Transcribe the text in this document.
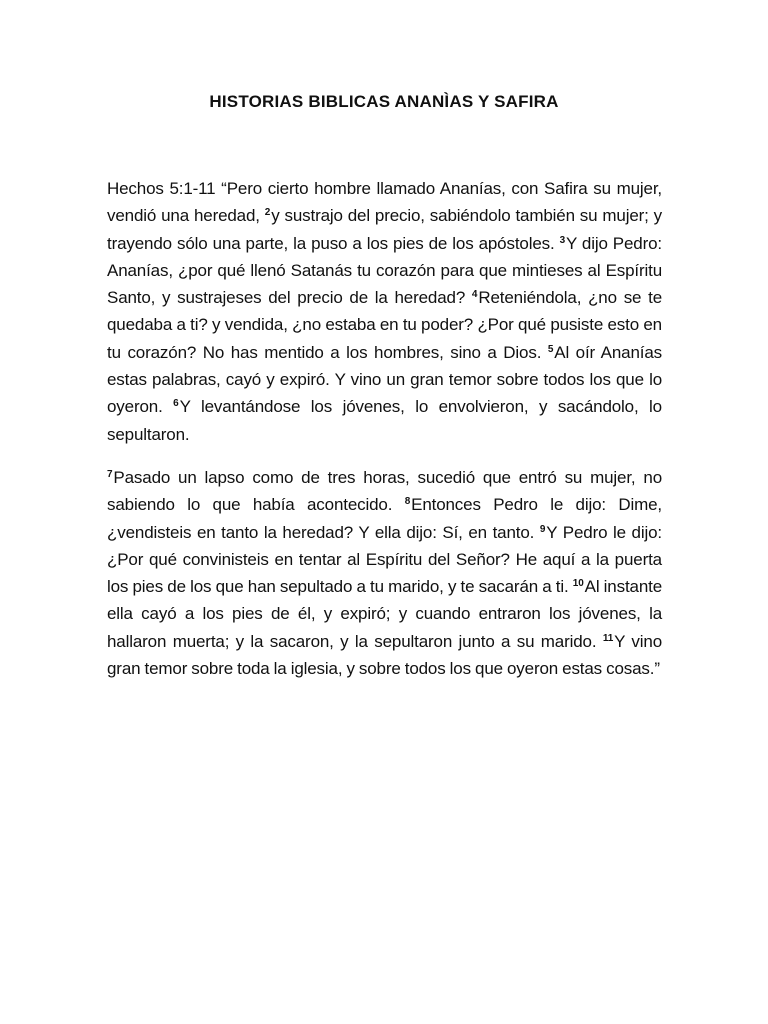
HISTORIAS BIBLICAS ANANÌAS Y SAFIRA

Hechos 5:1-11 “Pero cierto hombre llamado Ananías, con Safira su mujer, vendió una heredad, $^2$y sustrajo del precio, sabiéndolo también su mujer; y trayendo sólo una parte, la puso a los pies de los apóstoles. $^3$Y dijo Pedro: Ananías, ¿por qué llenó Satanás tu corazón para que mintieses al Espíritu Santo, y sustrajeses del precio de la heredad? $^4$Reteniéndola, ¿no se te quedaba a ti? y vendida, ¿no estaba en tu poder? ¿Por qué pusiste esto en tu corazón? No has mentido a los hombres, sino a Dios. $^5$Al oír Ananías estas palabras, cayó y expiró. Y vino un gran temor sobre todos los que lo oyeron. $^6$Y levantándose los jóvenes, lo envolvieron, y sacándolo, lo sepultaron.

$^7$Pasado un lapso como de tres horas, sucedió que entró su mujer, no sabiendo lo que había acontecido. $^8$Entonces Pedro le dijo: Dime, ¿vendisteis en tanto la heredad? Y ella dijo: Sí, en tanto. $^9$Y Pedro le dijo: ¿Por qué convinisteis en tentar al Espíritu del Señor? He aquí a la puerta los pies de los que han sepultado a tu marido, y te sacarán a ti. $^{10}$Al instante ella cayó a los pies de él, y expiró; y cuando entraron los jóvenes, la hallaron muerta; y la sacaron, y la sepultaron junto a su marido. $^{11}$Y vino gran temor sobre toda la iglesia, y sobre todos los que oyeron estas cosas.”
